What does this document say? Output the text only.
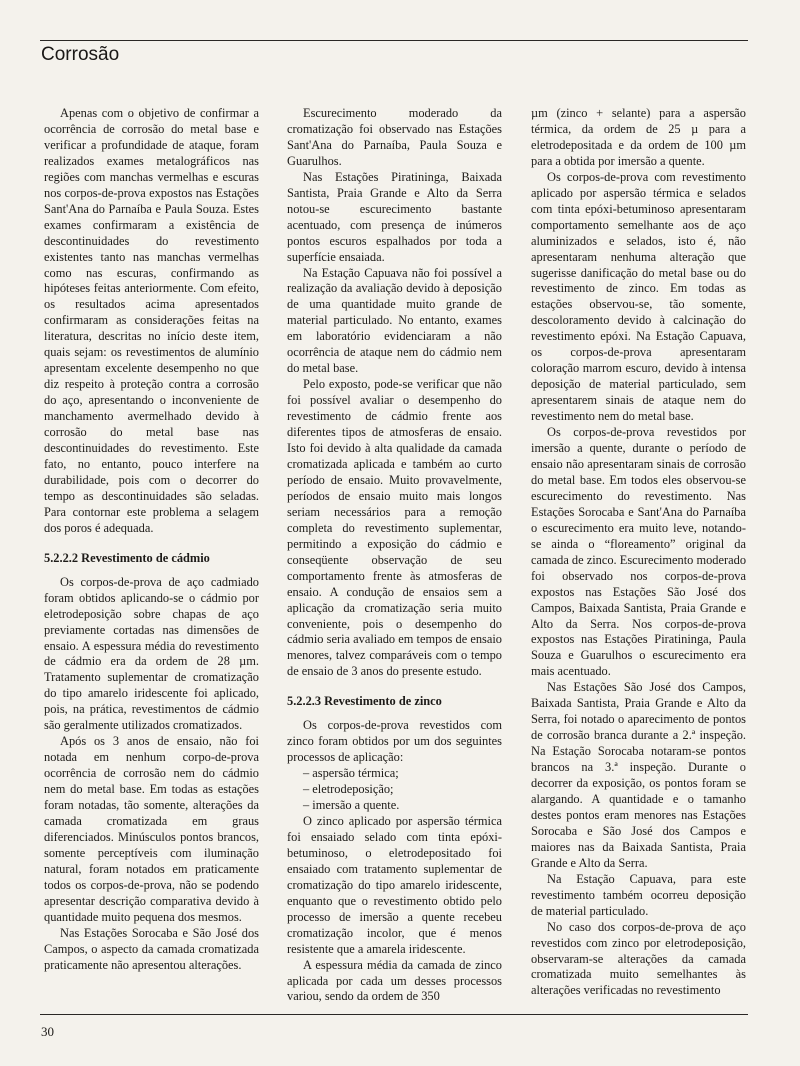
Corrosão

Apenas com o objetivo de confirmar a ocorrência de corrosão do metal base e verificar a profundidade de ataque, foram realizados exames metalográficos nas regiões com manchas vermelhas e escuras nos corpos-de-prova expostos nas Estações Sant'Ana do Parnaíba e Paula Souza. Estes exames confirmaram a existência de descontinuidades do revestimento existentes tanto nas manchas vermelhas como nas escuras, confirmando as hipóteses feitas anteriormente. Com efeito, os resultados acima apresentados confirmaram as considerações feitas na literatura, descritas no início deste item, quais sejam: os revestimentos de alumínio apresentam excelente desempenho no que diz respeito à proteção contra a corrosão do aço, apresentando o inconveniente de manchamento avermelhado devido à corrosão do metal base nas descontinuidades do revestimento. Este fato, no entanto, pouco interfere na durabilidade, pois com o decorrer do tempo as descontinuidades são seladas. Para contornar este problema a selagem dos poros é adequada.

5.2.2.2 Revestimento de cádmio

Os corpos-de-prova de aço cadmiado foram obtidos aplicando-se o cádmio por eletrodeposição sobre chapas de aço previamente cortadas nas dimensões de ensaio. A espessura média do revestimento de cádmio era da ordem de 28 µm. Tratamento suplementar de cromatização do tipo amarelo iridescente foi aplicado, pois, na prática, revestimentos de cádmio são geralmente utilizados cromatizados.

Após os 3 anos de ensaio, não foi notada em nenhum corpo-de-prova ocorrência de corrosão nem do cádmio nem do metal base. Em todas as estações foram notadas, tão somente, alterações da camada cromatizada em graus diferenciados. Minúsculos pontos brancos, somente perceptíveis com iluminação natural, foram notados em praticamente todos os corpos-de-prova, não se podendo apresentar descrição comparativa devido à quantidade muito pequena dos mesmos.

Nas Estações Sorocaba e São José dos Campos, o aspecto da camada cromatizada praticamente não apresentou alterações.

Escurecimento moderado da cromatização foi observado nas Estações Sant'Ana do Parnaíba, Paula Souza e Guarulhos.

Nas Estações Piratininga, Baixada Santista, Praia Grande e Alto da Serra notou-se escurecimento bastante acentuado, com presença de inúmeros pontos escuros espalhados por toda a superfície ensaiada.

Na Estação Capuava não foi possível a realização da avaliação devido à deposição de uma quantidade muito grande de material particulado. No entanto, exames em laboratório evidenciaram a não ocorrência de ataque nem do cádmio nem do metal base.

Pelo exposto, pode-se verificar que não foi possível avaliar o desempenho do revestimento de cádmio frente aos diferentes tipos de atmosferas de ensaio. Isto foi devido à alta qualidade da camada cromatizada aplicada e também ao curto período de ensaio. Muito provavelmente, períodos de ensaio muito mais longos seriam necessários para a remoção completa do revestimento suplementar, permitindo a exposição do cádmio e conseqüente observação de seu comportamento frente às atmosferas de ensaio. A condução de ensaios sem a aplicação da cromatização seria muito conveniente, pois o desempenho do cádmio seria avaliado em tempos de ensaio menores, talvez comparáveis com o tempo de ensaio de 3 anos do presente estudo.

5.2.2.3 Revestimento de zinco

Os corpos-de-prova revestidos com zinco foram obtidos por um dos seguintes processos de aplicação:

– aspersão térmica;
– eletrodeposição;
– imersão a quente.

O zinco aplicado por aspersão térmica foi ensaiado selado com tinta epóxi-betuminoso, o eletrodepositado foi ensaiado com tratamento suplementar de cromatização do tipo amarelo iridescente, enquanto que o revestimento obtido pelo processo de imersão a quente recebeu cromatização incolor, que é menos resistente que a amarela iridescente.

A espessura média da camada de zinco aplicada por cada um desses processos variou, sendo da ordem de 350

µm (zinco + selante) para a aspersão térmica, da ordem de 25 µ para a eletrodepositada e da ordem de 100 µm para a obtida por imersão a quente.

Os corpos-de-prova com revestimento aplicado por aspersão térmica e selados com tinta epóxi-betuminoso apresentaram comportamento semelhante aos de aço aluminizados e selados, isto é, não apresentaram nenhuma alteração que sugerisse danificação do metal base ou do revestimento de zinco. Em todas as estações observou-se, tão somente, descoloramento devido à calcinação do revestimento epóxi. Na Estação Capuava, os corpos-de-prova apresentaram coloração marrom escuro, devido à intensa deposição de material particulado, sem apresentarem sinais de ataque nem do revestimento nem do metal base.

Os corpos-de-prova revestidos por imersão a quente, durante o período de ensaio não apresentaram sinais de corrosão do metal base. Em todos eles observou-se escurecimento do revestimento. Nas Estações Sorocaba e Sant'Ana do Parnaíba o escurecimento era muito leve, notando-se ainda o “floreamento” original da camada de zinco. Escurecimento moderado foi observado nos corpos-de-prova expostos nas Estações São José dos Campos, Baixada Santista, Praia Grande e Alto da Serra. Nos corpos-de-prova expostos nas Estações Piratininga, Paula Souza e Guarulhos o escurecimento era mais acentuado.

Nas Estações São José dos Campos, Baixada Santista, Praia Grande e Alto da Serra, foi notado o aparecimento de pontos de corrosão branca durante a 2.ª inspeção. Na Estação Sorocaba notaram-se pontos brancos na 3.ª inspeção. Durante o decorrer da exposição, os pontos foram se alargando. A quantidade e o tamanho destes pontos eram menores nas Estações Sorocaba e São José dos Campos e maiores nas da Baixada Santista, Praia Grande e Alto da Serra.

Na Estação Capuava, para este revestimento também ocorreu deposição de material particulado.

No caso dos corpos-de-prova de aço revestidos com zinco por eletrodeposição, observaram-se alterações da camada cromatizada muito semelhantes às alterações verificadas no revestimento

30
